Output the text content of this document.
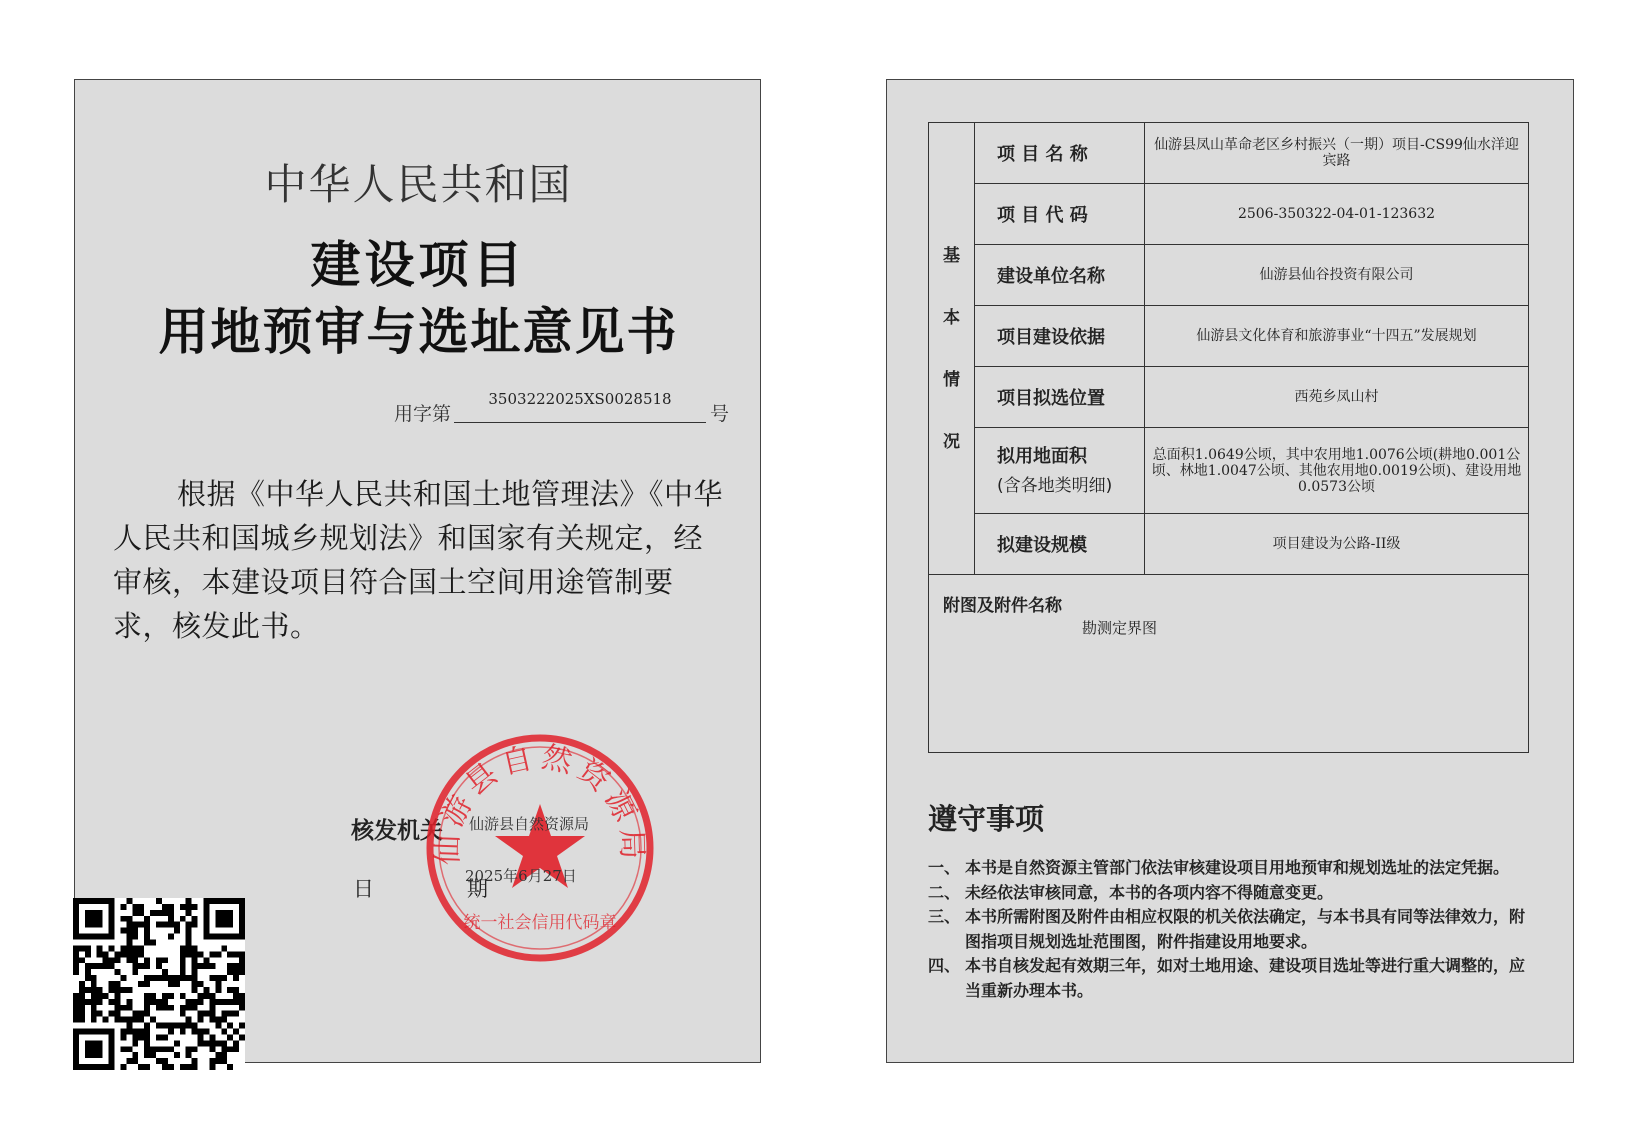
中华人民共和国
建设项目
用地预审与选址意见书
用字第
3503222025XS0028518
号
根据《中华人民共和国土地管理法》《中华人民共和国城乡规划法》和国家有关规定，经审核，本建设项目符合国土空间用途管制要求，核发此书。
核发机关
日　期
仙游县自然资源局
统一社会信用代码章
仙游县自然资源局
2025年6月27日
基
本
情
况	项 目 名 称	仙游县凤山革命老区乡村振兴（一期）项目-CS99仙水洋迎宾路
	项 目 代 码	2506-350322-04-01-123632
	建设单位名称	仙游县仙谷投资有限公司
	项目建设依据	仙游县文化体育和旅游事业“十四五”发展规划
	项目拟选位置	西苑乡凤山村

	拟用地面积
(含各地类明细)	总面积1.0649公顷，其中农用地1.0076公顷(耕地0.001公顷、林地1.0047公顷、其他农用地0.0019公顷)、建设用地0.0573公顷
	拟建设规模	项目建设为公路-II级
附图及附件名称
勘测定界图
遵守事项
一、 本书是自然资源主管部门依法审核建设项目用地预审和规划选址的法定凭据。
二、 未经依法审核同意，本书的各项内容不得随意变更。
三、 本书所需附图及附件由相应权限的机关依法确定，与本书具有同等法律效力，附图指项目规划选址范围图，附件指建设用地要求。
四、 本书自核发起有效期三年，如对土地用途、建设项目选址等进行重大调整的，应当重新办理本书。
